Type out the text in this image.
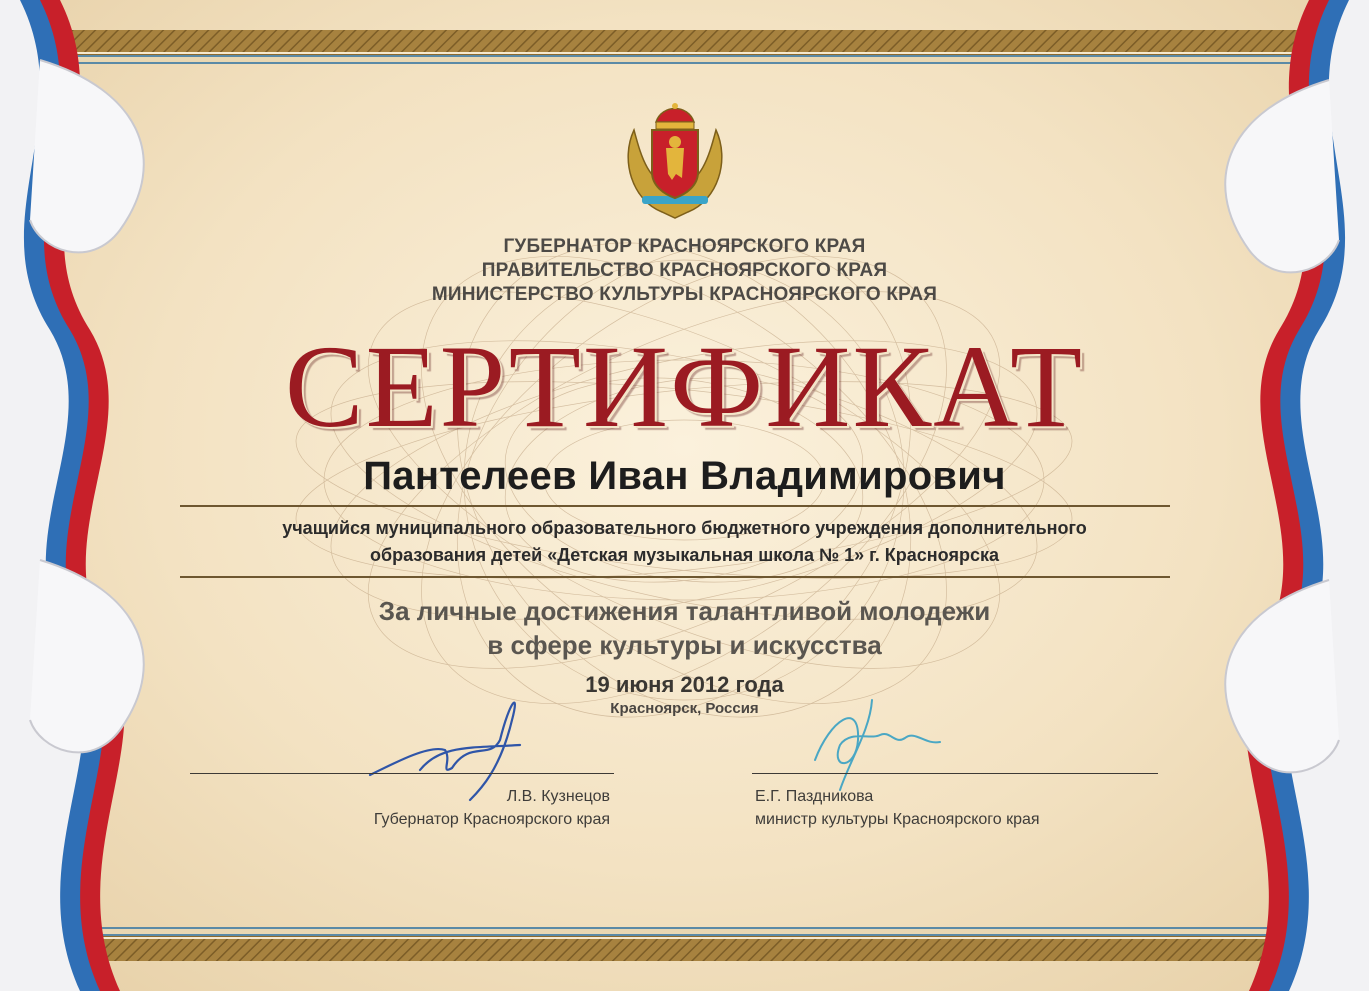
ГУБЕРНАТОР КРАСНОЯРСКОГО КРАЯ

ПРАВИТЕЛЬСТВО КРАСНОЯРСКОГО КРАЯ

МИНИСТЕРСТВО КУЛЬТУРЫ КРАСНОЯРСКОГО КРАЯ

СЕРТИФИКАТ

Пантелеев Иван Владимирович

учащийся муниципального образовательного бюджетного учреждения дополнительного

образования детей «Детская музыкальная школа № 1» г. Красноярска

За личные достижения талантливой молодежи

в сфере культуры и искусства

19 июня 2012 года

Красноярск, Россия

Л.В. Кузнецов

Губернатор Красноярского края

Е.Г. Паздникова

министр культуры Красноярского края
